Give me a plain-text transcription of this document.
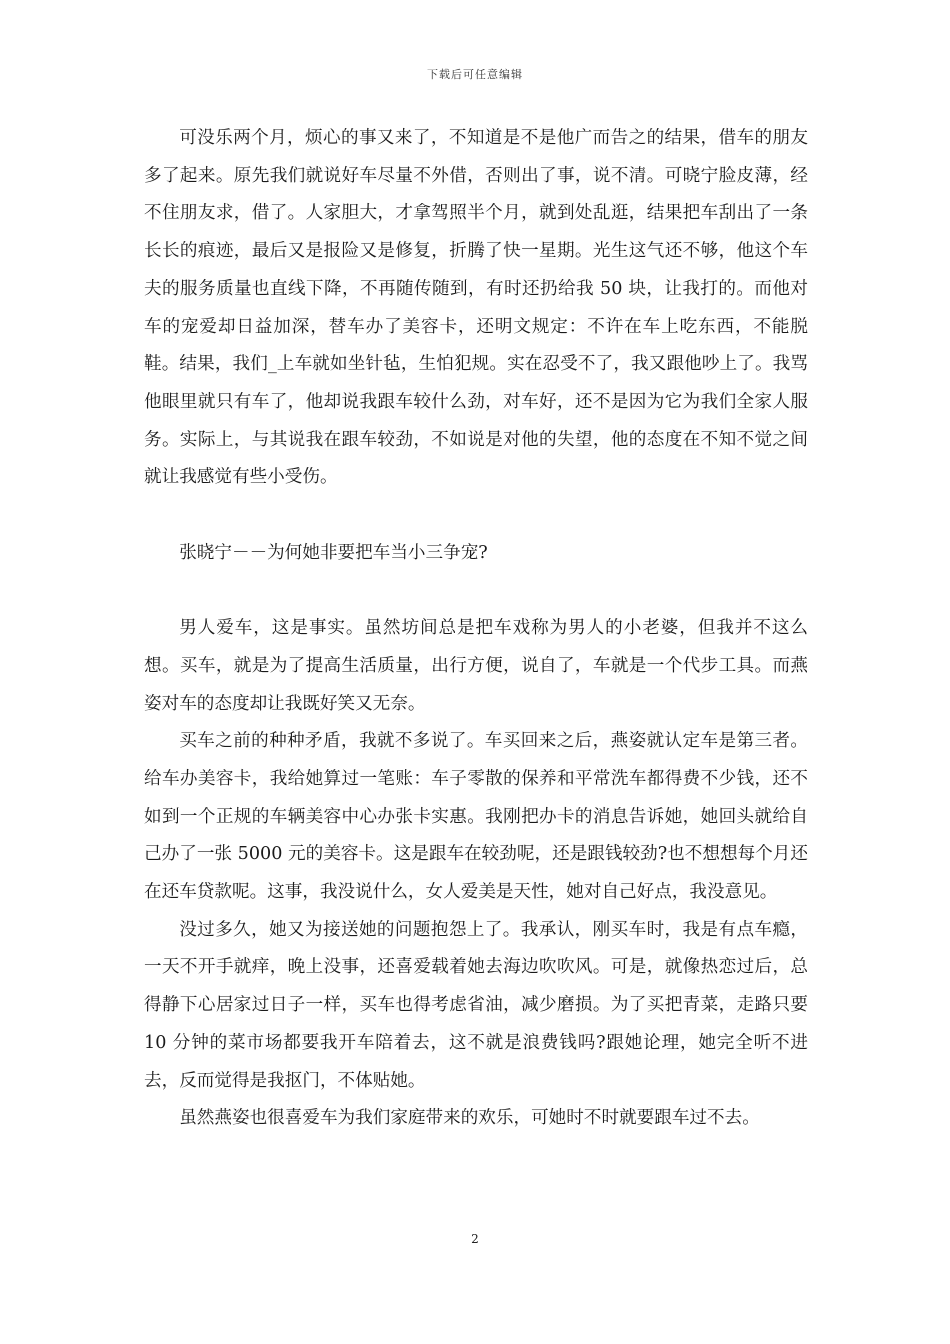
下载后可任意编辑

可没乐两个月，烦心的事又来了，不知道是不是他广而告之的结果，借车的朋友多了起来。原先我们就说好车尽量不外借，否则出了事，说不清。可晓宁脸皮薄，经不住朋友求，借了。人家胆大，才拿驾照半个月，就到处乱逛，结果把车刮出了一条长长的痕迹，最后又是报险又是修复，折腾了快一星期。光生这气还不够，他这个车夫的服务质量也直线下降，不再随传随到，有时还扔给我 50 块，让我打的。而他对车的宠爱却日益加深，替车办了美容卡，还明文规定：不许在车上吃东西，不能脱鞋。结果，我们_上车就如坐针毡，生怕犯规。实在忍受不了，我又跟他吵上了。我骂他眼里就只有车了，他却说我跟车较什么劲，对车好，还不是因为它为我们全家人服务。实际上，与其说我在跟车较劲，不如说是对他的失望，他的态度在不知不觉之间就让我感觉有些小受伤。

张晓宁－－为何她非要把车当小三争宠?

男人爱车，这是事实。虽然坊间总是把车戏称为男人的小老婆，但我并不这么想。买车，就是为了提高生活质量，出行方便，说自了，车就是一个代步工具。而燕姿对车的态度却让我既好笑又无奈。

买车之前的种种矛盾，我就不多说了。车买回来之后，燕姿就认定车是第三者。给车办美容卡，我给她算过一笔账：车子零散的保养和平常洗车都得费不少钱，还不如到一个正规的车辆美容中心办张卡实惠。我刚把办卡的消息告诉她，她回头就给自己办了一张 5000 元的美容卡。这是跟车在较劲呢，还是跟钱较劲?也不想想每个月还在还车贷款呢。这事，我没说什么，女人爱美是天性，她对自己好点，我没意见。

没过多久，她又为接送她的问题抱怨上了。我承认，刚买车时，我是有点车瘾，一天不开手就痒，晚上没事，还喜爱载着她去海边吹吹风。可是，就像热恋过后，总得静下心居家过日子一样，买车也得考虑省油，减少磨损。为了买把青菜，走路只要 10 分钟的菜市场都要我开车陪着去，这不就是浪费钱吗?跟她论理，她完全听不进去，反而觉得是我抠门，不体贴她。

虽然燕姿也很喜爱车为我们家庭带来的欢乐，可她时不时就要跟车过不去。

2
